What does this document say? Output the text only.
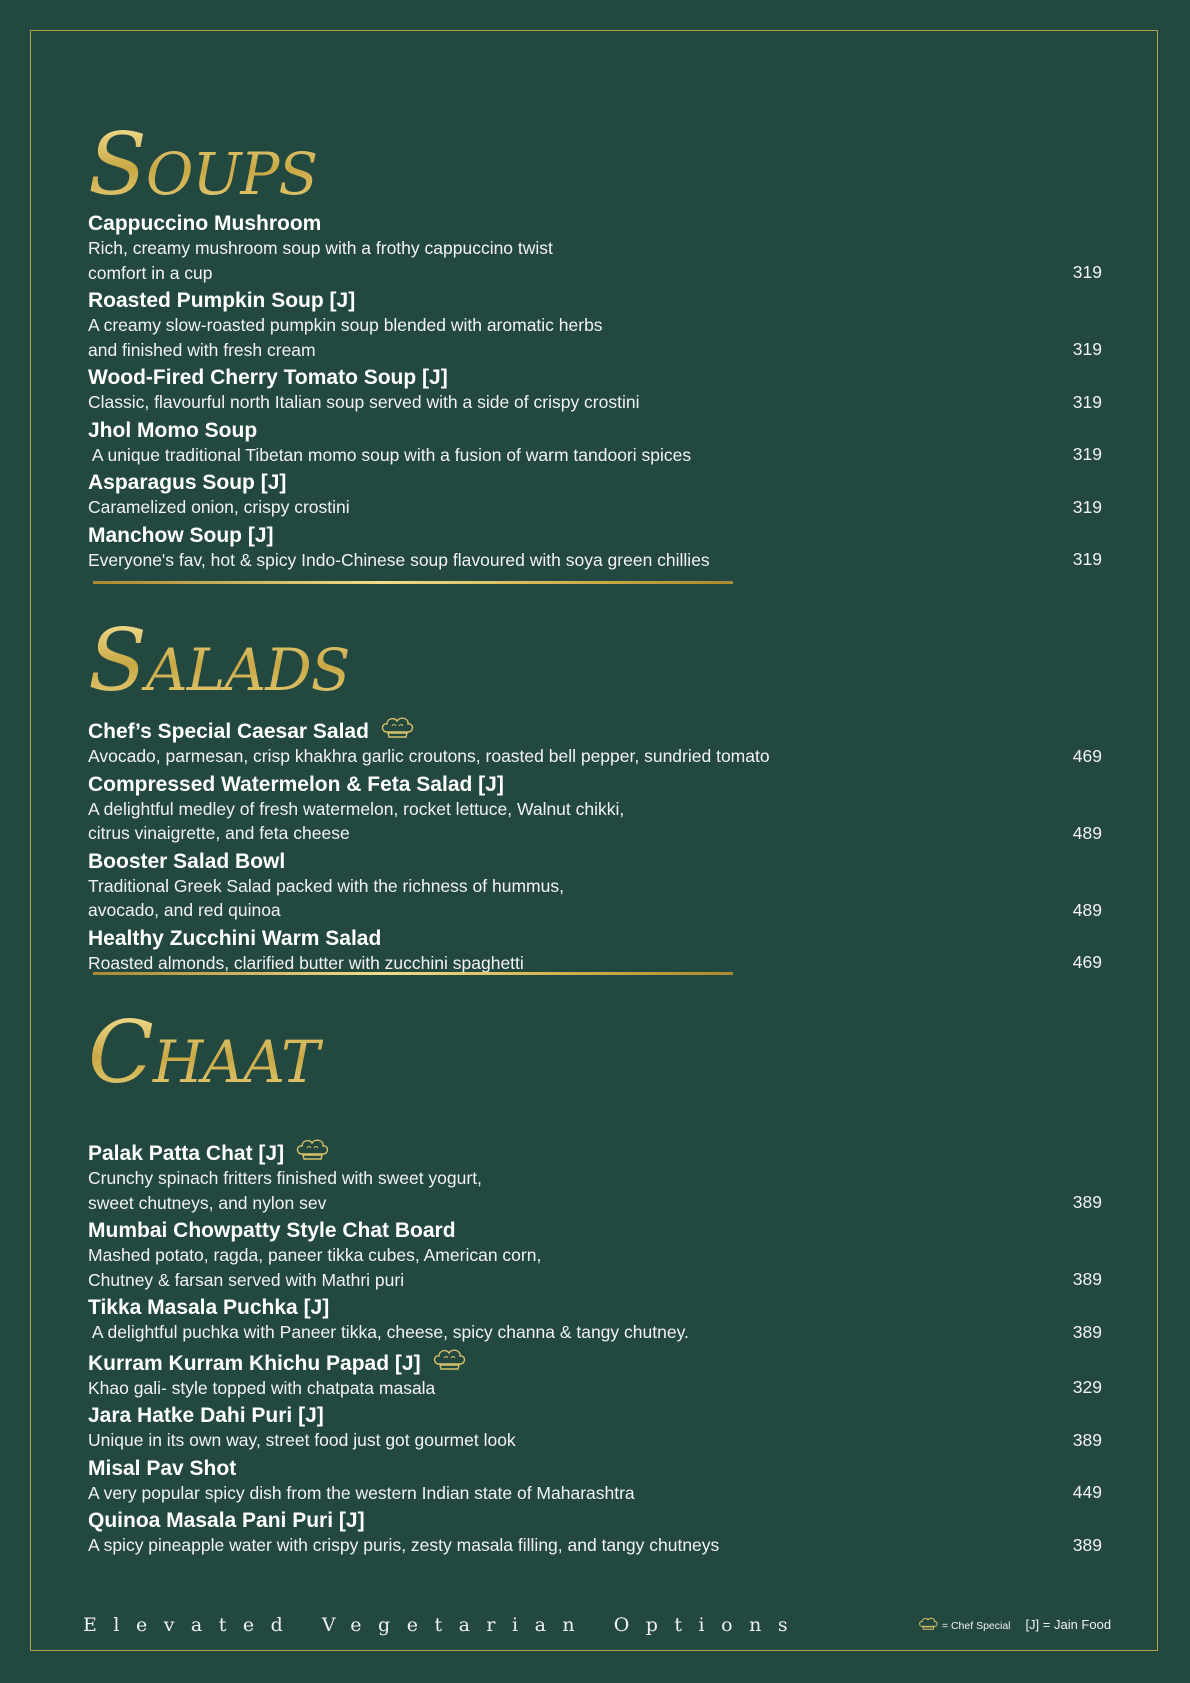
SOUPS
Cappuccino Mushroom
Rich, creamy mushroom soup with a frothy cappuccino twist
comfort in a cup	319
Roasted Pumpkin Soup [J]
A creamy slow-roasted pumpkin soup blended with aromatic herbs
and finished with fresh cream	319
Wood-Fired Cherry Tomato Soup [J]
Classic, flavourful north Italian soup served with a side of crispy crostini	319
Jhol Momo Soup
A unique traditional Tibetan momo soup with a fusion of warm tandoori spices	319
Asparagus Soup [J]
Caramelized onion, crispy crostini	319
Manchow Soup [J]
Everyone's fav, hot & spicy Indo-Chinese soup flavoured with soya green chillies	319
SALADS
Chef’s Special Caesar Salad
Avocado, parmesan, crisp khakhra garlic croutons, roasted bell pepper, sundried tomato	469
Compressed Watermelon & Feta Salad [J]
A delightful medley of fresh watermelon, rocket lettuce, Walnut chikki,
citrus vinaigrette, and feta cheese	489
Booster Salad Bowl
Traditional Greek Salad packed with the richness of hummus,
avocado, and red quinoa	489
Healthy Zucchini Warm Salad
Roasted almonds, clarified butter with zucchini spaghetti	469
CHAAT
Palak Patta Chat [J]
Crunchy spinach fritters finished with sweet yogurt,
sweet chutneys, and nylon sev	389
Mumbai Chowpatty Style Chat Board
Mashed potato, ragda, paneer tikka cubes, American corn,
Chutney & farsan served with Mathri puri	389
Tikka Masala Puchka [J]
A delightful puchka with Paneer tikka, cheese, spicy channa & tangy chutney.	389
Kurram Kurram Khichu Papad [J]
Khao gali- style topped with chatpata masala	329
Jara Hatke Dahi Puri [J]
Unique in its own way, street food just got gourmet look	389
Misal Pav Shot
A very popular spicy dish from the western Indian state of Maharashtra	449
Quinoa Masala Pani Puri [J]
A spicy pineapple water with crispy puris, zesty masala filling, and tangy chutneys	389
Elevated Vegetarian Options	= Chef Special [J] = Jain Food
